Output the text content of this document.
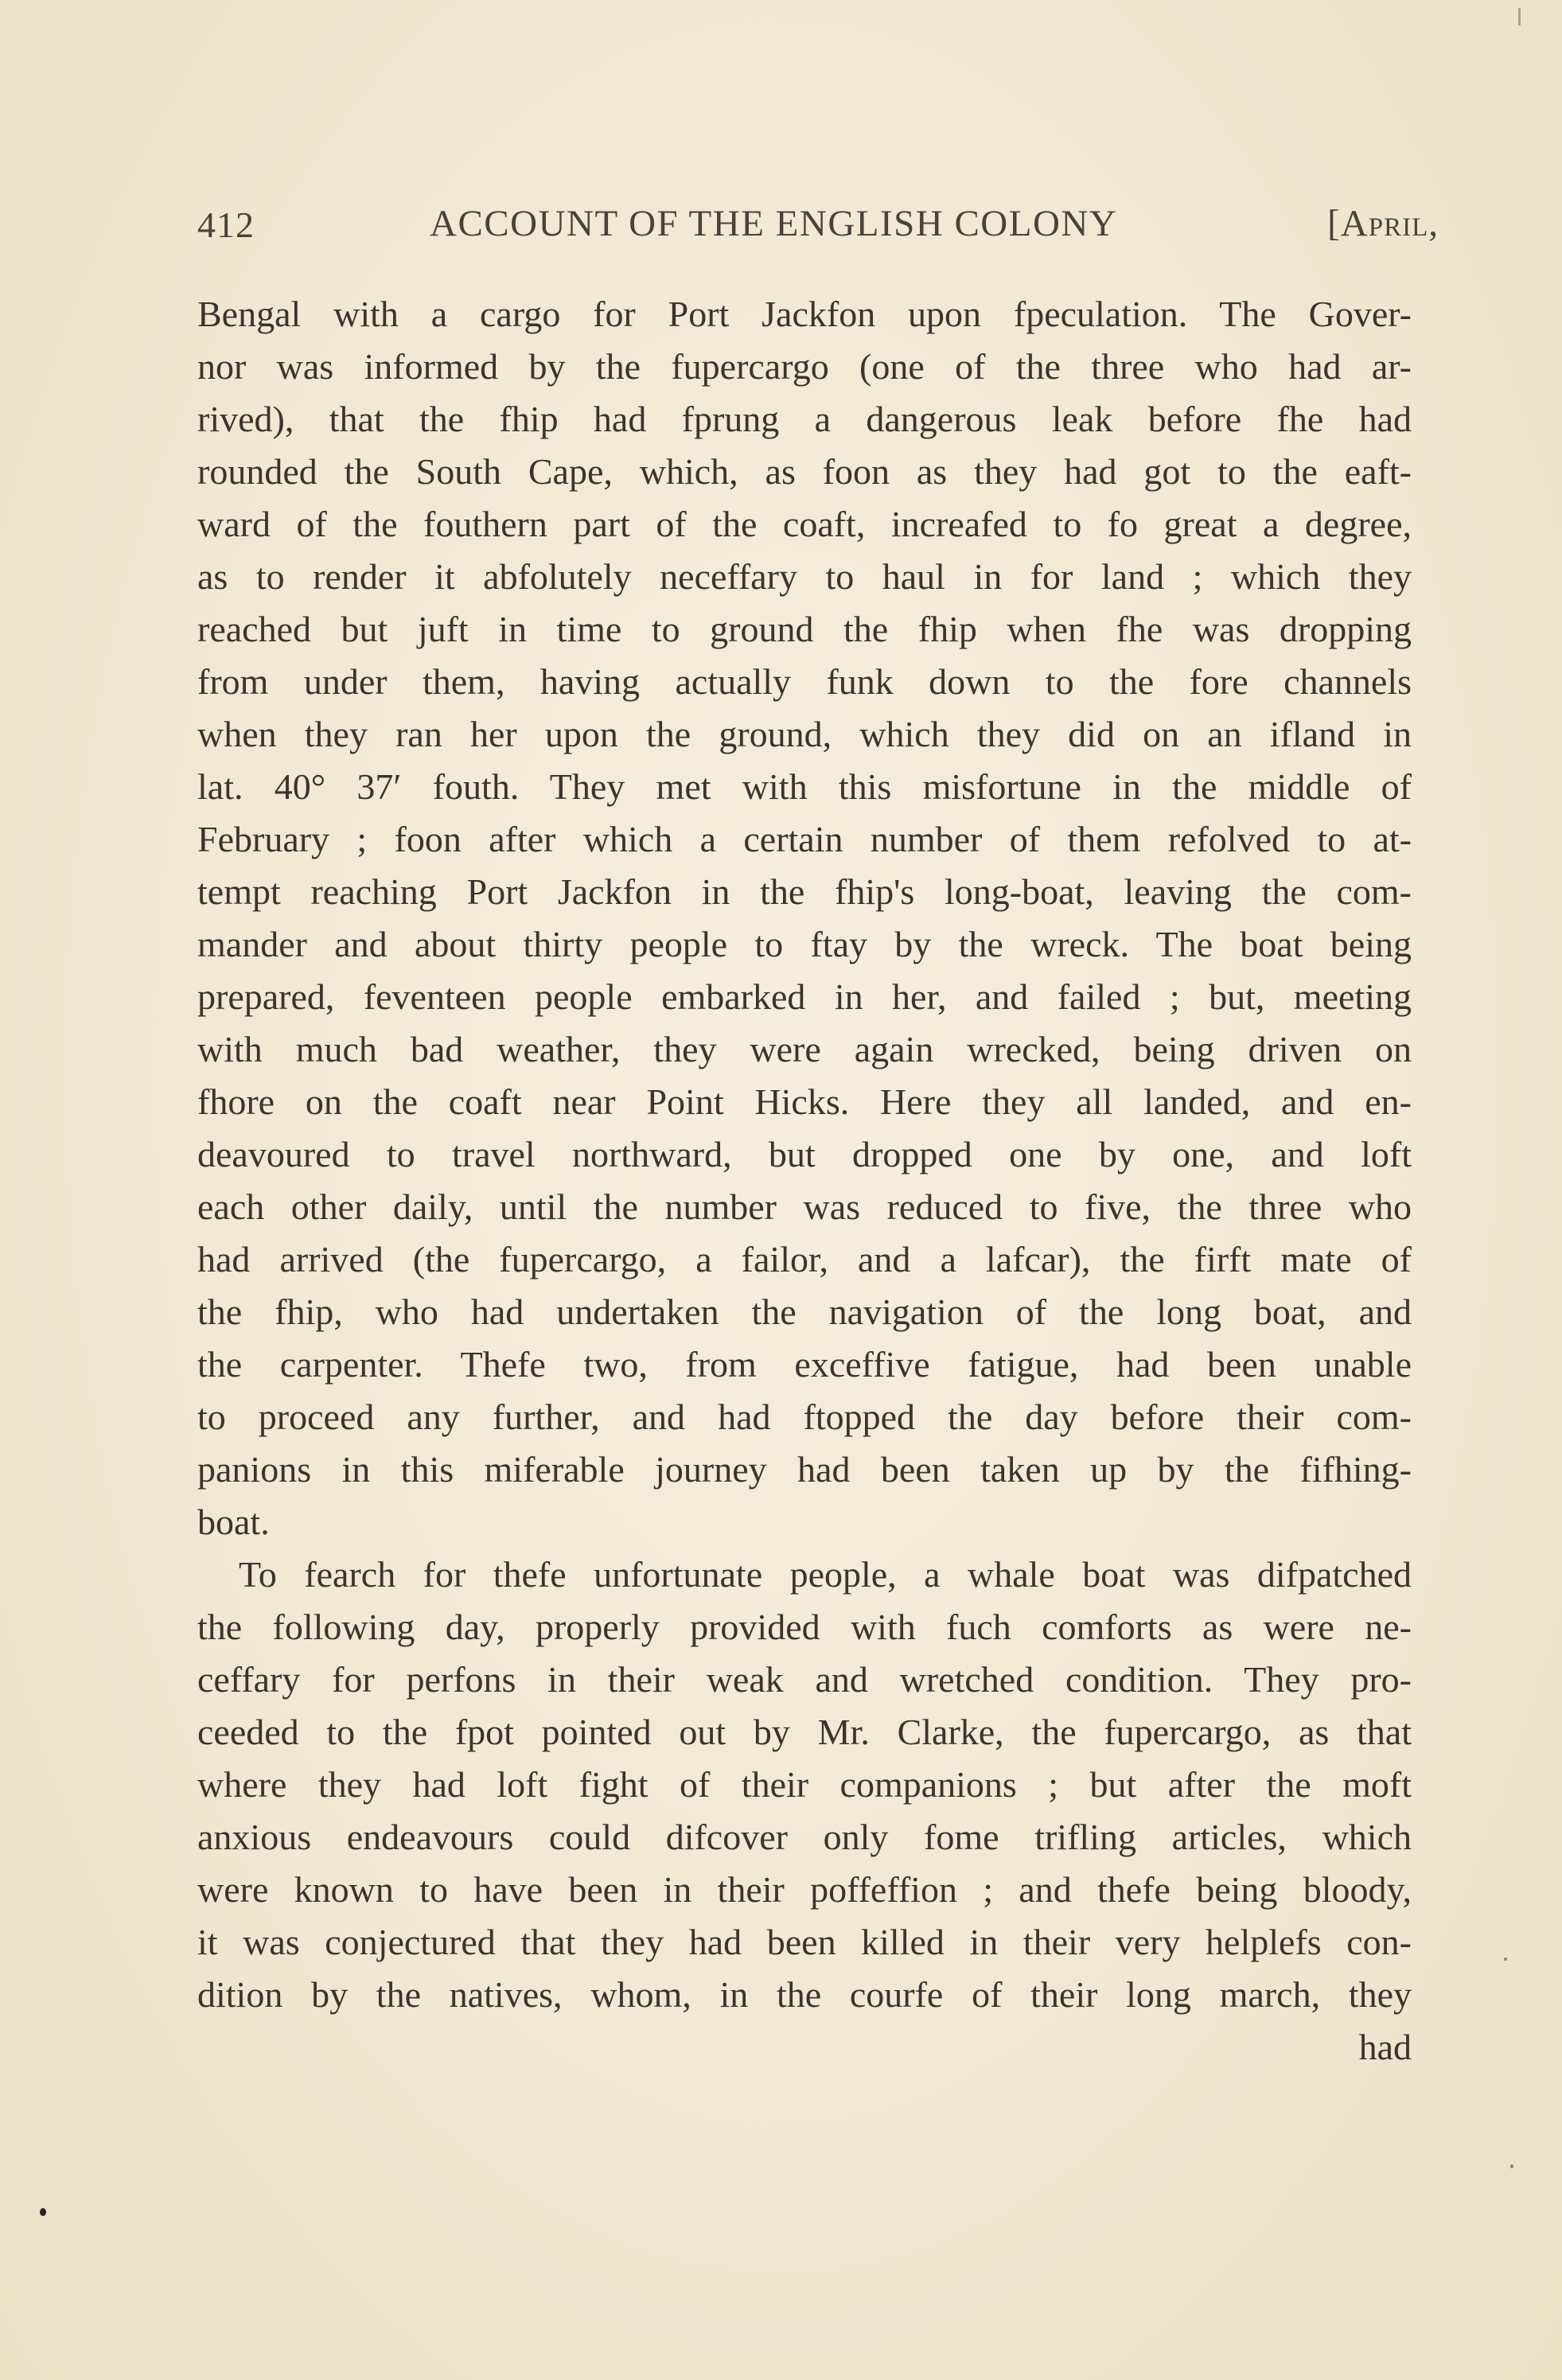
412	ACCOUNT OF THE ENGLISH COLONY	[April,
Bengal with a cargo for Port Jackfon upon fpeculation. The Gover-
nor was informed by the fupercargo (one of the three who had ar-
rived), that the fhip had fprung a dangerous leak before fhe had
rounded the South Cape, which, as foon as they had got to the eaft-
ward of the fouthern part of the coaft, increafed to fo great a degree,
as to render it abfolutely neceffary to haul in for land ; which they
reached but juft in time to ground the fhip when fhe was dropping
from under them, having actually funk down to the fore channels
when they ran her upon the ground, which they did on an ifland in
lat. 40° 37′ fouth. They met with this misfortune in the middle of
February ; foon after which a certain number of them refolved to at-
tempt reaching Port Jackfon in the fhip's long-boat, leaving the com-
mander and about thirty people to ftay by the wreck. The boat being
prepared, feventeen people embarked in her, and failed ; but, meeting
with much bad weather, they were again wrecked, being driven on
fhore on the coaft near Point Hicks. Here they all landed, and en-
deavoured to travel northward, but dropped one by one, and loft
each other daily, until the number was reduced to five, the three who
had arrived (the fupercargo, a failor, and a lafcar), the firft mate of
the fhip, who had undertaken the navigation of the long boat, and
the carpenter. Thefe two, from exceffive fatigue, had been unable
to proceed any further, and had ftopped the day before their com-
panions in this miferable journey had been taken up by the fifhing-
boat.
To fearch for thefe unfortunate people, a whale boat was difpatched
the following day, properly provided with fuch comforts as were ne-
ceffary for perfons in their weak and wretched condition. They pro-
ceeded to the fpot pointed out by Mr. Clarke, the fupercargo, as that
where they had loft fight of their companions ; but after the moft
anxious endeavours could difcover only fome trifling articles, which
were known to have been in their poffeffion ; and thefe being bloody,
it was conjectured that they had been killed in their very helplefs con-
dition by the natives, whom, in the courfe of their long march, they
had
